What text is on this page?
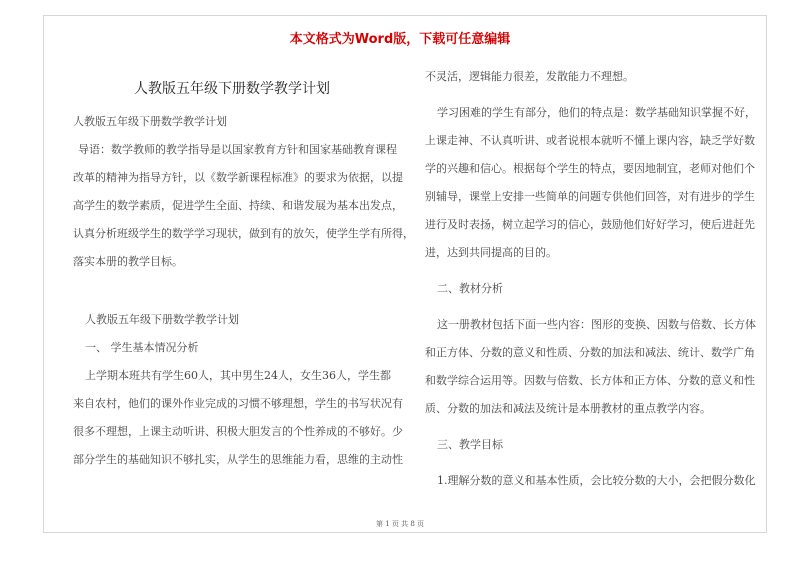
本文格式为Word版，下载可任意编辑
人教版五年级下册数学教学计划
人教版五年级下册数学教学计划
导语：数学教师的教学指导是以国家教育方针和国家基础教育课程
改革的精神为指导方针，以《数学新课程标准》的要求为依据，以提
高学生的数学素质，促进学生全面、持续、和谐发展为基本出发点，
认真分析班级学生的数学学习现状，做到有的放矢，使学生学有所得，
落实本册的教学目标。
人教版五年级下册数学教学计划
一、 学生基本情况分析
上学期本班共有学生60人，其中男生24人，女生36人，学生都
来自农村，他们的课外作业完成的习惯不够理想，学生的书写状况有
很多不理想，上课主动听讲、积极大胆发言的个性养成的不够好。少
部分学生的基础知识不够扎实，从学生的思维能力看，思维的主动性
不灵活，逻辑能力很差，发散能力不理想。
学习困难的学生有部分，他们的特点是：数学基础知识掌握不好，
上课走神、不认真听讲、或者说根本就听不懂上课内容，缺乏学好数
学的兴趣和信心。根据每个学生的特点，要因地制宜，老师对他们个
别辅导，课堂上安排一些简单的问题专供他们回答，对有进步的学生
进行及时表扬，树立起学习的信心，鼓励他们好好学习，使后进赶先
进，达到共同提高的目的。
二、教材分析
这一册教材包括下面一些内容：图形的变换、因数与倍数、长方体
和正方体、分数的意义和性质、分数的加法和减法、统计、数学广角
和数学综合运用等。因数与倍数、长方体和正方体、分数的意义和性
质、分数的加法和减法及统计是本册教材的重点教学内容。
三、教学目标
1.理解分数的意义和基本性质，会比较分数的大小，会把假分数化
第 1 页 共 8 页
